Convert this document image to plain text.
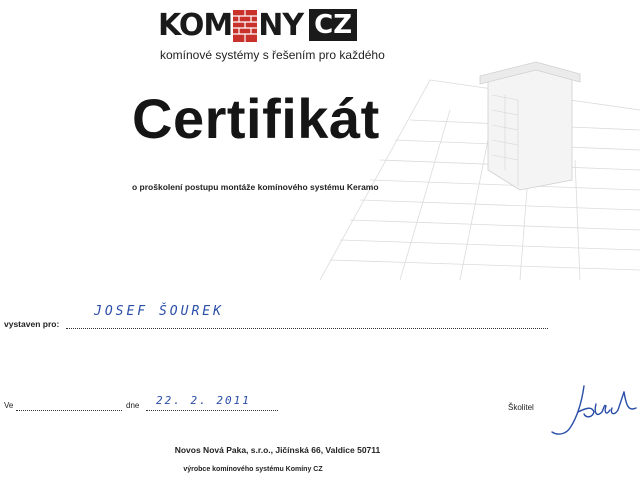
KOM NY CZ
komínové systémy s řešením pro každého
Certifikát
o proškolení postupu montáže komínového systému Keramo
vystaven pro:
JOSEF ŠOUREK
Ve	dne 22. 2. 2011
Školitel
Novos Nová Paka, s.r.o., Jičínská 66, Valdice 50711
výrobce komínového systému Komíny CZ
